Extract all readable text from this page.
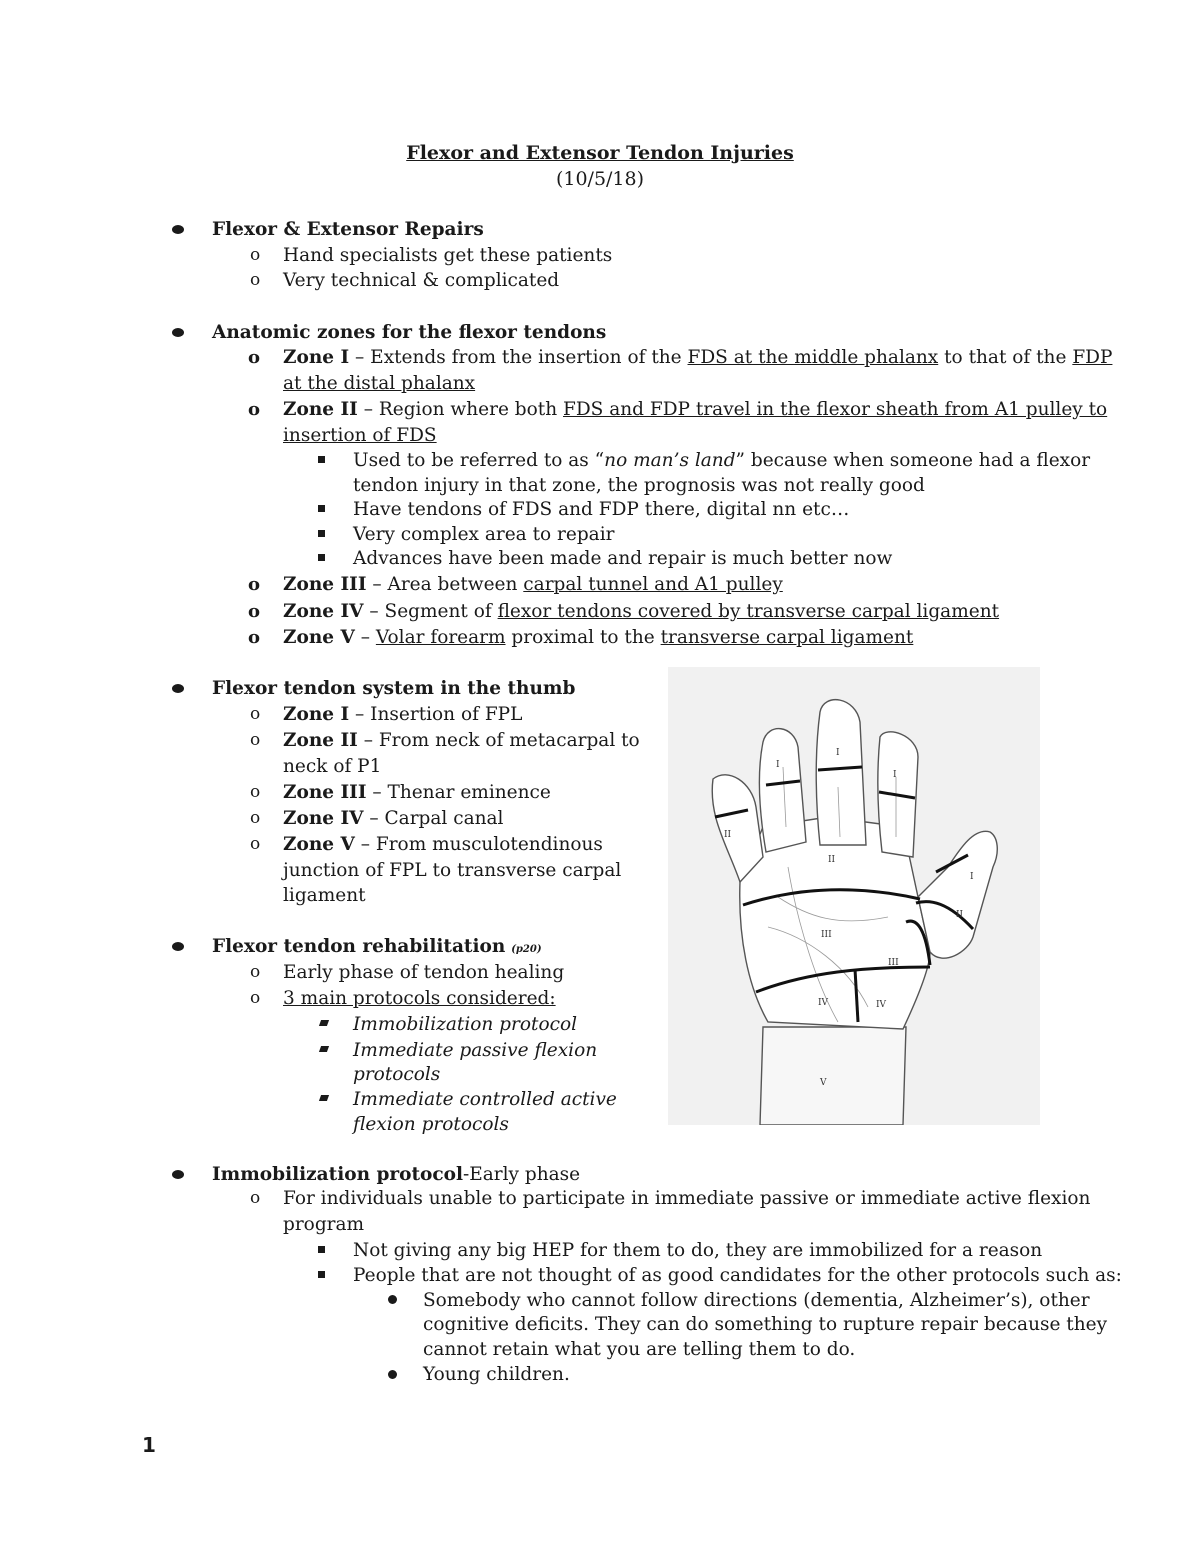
Flexor and Extensor Tendon Injuries
(10/5/18)
Flexor & Extensor Repairs
o Hand specialists get these patients
o Very technical & complicated
Anatomic zones for the flexor tendons
o Zone I – Extends from the insertion of the FDS at the middle phalanx to that of the FDP
at the distal phalanx
o Zone II – Region where both FDS and FDP travel in the flexor sheath from A1 pulley to
insertion of FDS
Used to be referred to as “no man’s land” because when someone had a flexor
tendon injury in that zone, the prognosis was not really good
Have tendons of FDS and FDP there, digital nn etc…
Very complex area to repair
Advances have been made and repair is much better now
o Zone III – Area between carpal tunnel and A1 pulley
o Zone IV – Segment of flexor tendons covered by transverse carpal ligament
o Zone V – Volar forearm proximal to the transverse carpal ligament
Flexor tendon system in the thumb
o Zone I – Insertion of FPL
o Zone II – From neck of metacarpal to
neck of P1
o Zone III – Thenar eminence
o Zone IV – Carpal canal
o Zone V – From musculotendinous
junction of FPL to transverse carpal
ligament
Flexor tendon rehabilitation (p20)
o Early phase of tendon healing
o 3 main protocols considered:
Immobilization protocol
Immediate passive flexion
protocols
Immediate controlled active
flexion protocols
Immobilization protocol-Early phase
o For individuals unable to participate in immediate passive or immediate active flexion
program
Not giving any big HEP for them to do, they are immobilized for a reason
People that are not thought of as good candidates for the other protocols such as:
Somebody who cannot follow directions (dementia, Alzheimer’s), other
cognitive deficits. They can do something to rupture repair because they
cannot retain what you are telling them to do.
Young children.
I
I
I
I
II
II
II
III
III
IV	IV
V
1
